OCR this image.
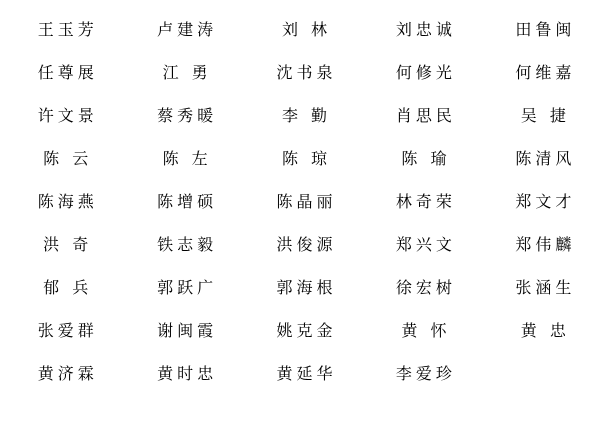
王玉芳	卢建涛	刘 林	刘忠诚	田鲁闽
任尊展	江 勇	沈书泉	何修光	何维嘉
许文景	蔡秀暖	李 勤	肖思民	吴 捷
陈 云	陈 左	陈 琼	陈 瑜	陈清风
陈海燕	陈增硕	陈晶丽	林奇荣	郑文才
洪 奇	铁志毅	洪俊源	郑兴文	郑伟麟
郁 兵	郭跃广	郭海根	徐宏树	张涵生
张爱群	谢闽霞	姚克金	黄 怀	黄 忠
黄济霖	黄时忠	黄延华	李爱珍
